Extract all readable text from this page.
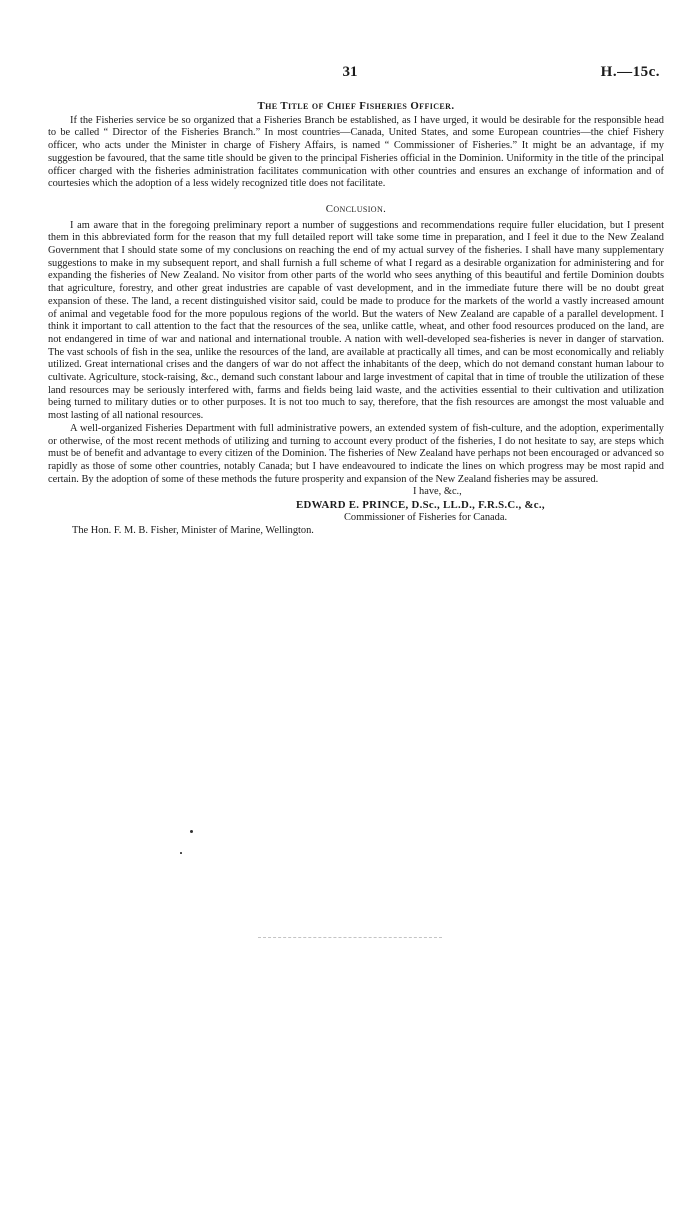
31	H.—15c.
The Title of Chief Fisheries Officer.

If the Fisheries service be so organized that a Fisheries Branch be established, as I have urged, it would be desirable for the responsible head to be called “ Director of the Fisheries Branch.” In most countries—Canada, United States, and some European countries—the chief Fishery officer, who acts under the Minister in charge of Fishery Affairs, is named “ Commissioner of Fisheries.” It might be an advantage, if my suggestion be favoured, that the same title should be given to the principal Fisheries official in the Dominion. Uniformity in the title of the principal officer charged with the fisheries administration facilitates communication with other countries and ensures an exchange of information and of courtesies which the adoption of a less widely recognized title does not facilitate.

Conclusion.

I am aware that in the foregoing preliminary report a number of suggestions and recommendations require fuller elucidation, but I present them in this abbreviated form for the reason that my full detailed report will take some time in preparation, and I feel it due to the New Zealand Government that I should state some of my conclusions on reaching the end of my actual survey of the fisheries. I shall have many supplementary suggestions to make in my subsequent report, and shall furnish a full scheme of what I regard as a desirable organization for administering and for expanding the fisheries of New Zealand. No visitor from other parts of the world who sees anything of this beautiful and fertile Dominion doubts that agriculture, forestry, and other great industries are capable of vast development, and in the immediate future there will be no doubt great expansion of these. The land, a recent distinguished visitor said, could be made to produce for the markets of the world a vastly increased amount of animal and vegetable food for the more populous regions of the world. But the waters of New Zealand are capable of a parallel development. I think it important to call attention to the fact that the resources of the sea, unlike cattle, wheat, and other food resources produced on the land, are not endangered in time of war and national and international trouble. A nation with well-developed sea-fisheries is never in danger of starvation. The vast schools of fish in the sea, unlike the resources of the land, are available at practically all times, and can be most economically and reliably utilized. Great international crises and the dangers of war do not affect the inhabitants of the deep, which do not demand constant human labour to cultivate. Agriculture, stock-raising, &c., demand such constant labour and large investment of capital that in time of trouble the utilization of these land resources may be seriously interfered with, farms and fields being laid waste, and the activities essential to their cultivation and utilization being turned to military duties or to other purposes. It is not too much to say, therefore, that the fish resources are amongst the most valuable and most lasting of all national resources.

A well-organized Fisheries Department with full administrative powers, an extended system of fish-culture, and the adoption, experimentally or otherwise, of the most recent methods of utilizing and turning to account every product of the fisheries, I do not hesitate to say, are steps which must be of benefit and advantage to every citizen of the Dominion. The fisheries of New Zealand have perhaps not been encouraged or advanced so rapidly as those of some other countries, notably Canada; but I have endeavoured to indicate the lines on which progress may be most rapid and certain. By the adoption of some of these methods the future prosperity and expansion of the New Zealand fisheries may be assured.

I have, &c.,

EDWARD E. PRINCE, D.Sc., LL.D., F.R.S.C., &c.,

Commissioner of Fisheries for Canada.

The Hon. F. M. B. Fisher, Minister of Marine, Wellington.
